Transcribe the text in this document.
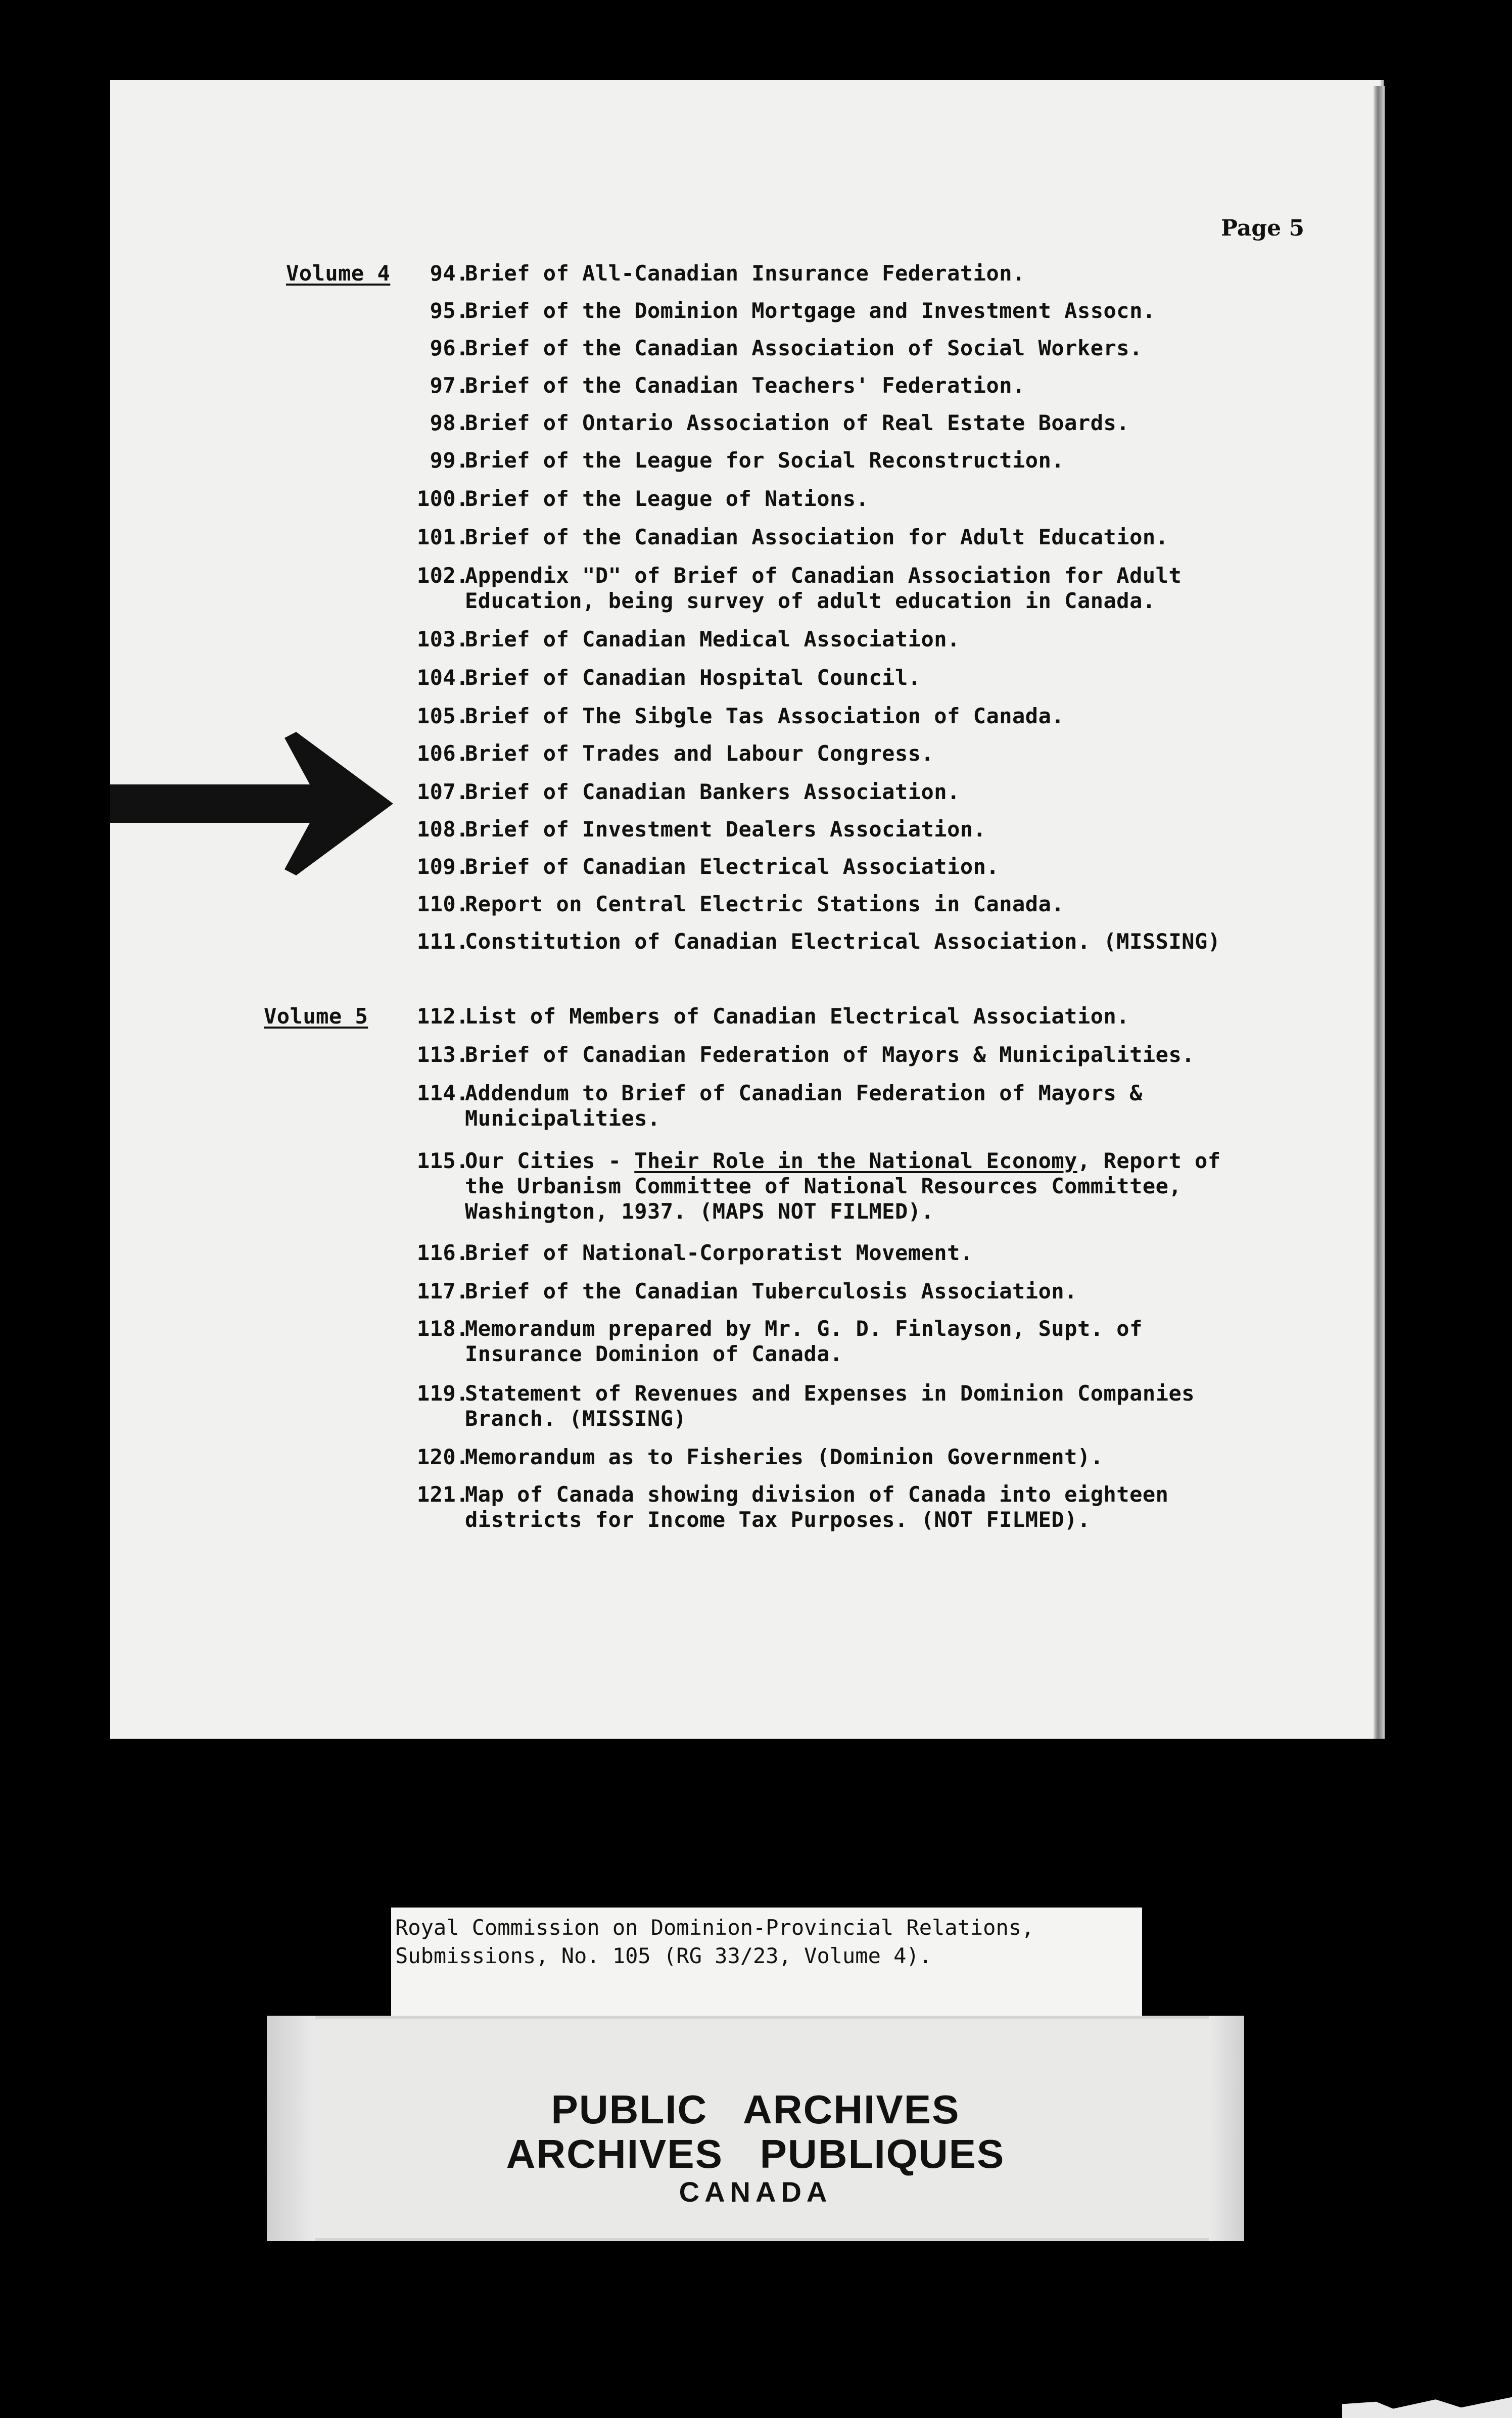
Page 5
Volume 4	94.
Brief of All-Canadian Insurance Federation.
95.
Brief of the Dominion Mortgage and Investment Assocn.
96.
Brief of the Canadian Association of Social Workers.
97.
Brief of the Canadian Teachers' Federation.
98.
Brief of Ontario Association of Real Estate Boards.
99.
Brief of the League for Social Reconstruction.
100.
Brief of the League of Nations.
101.
Brief of the Canadian Association for Adult Education.
102.
Appendix "D" of Brief of Canadian Association for Adult
Education, being survey of adult education in Canada.
103.
Brief of Canadian Medical Association.
104.
Brief of Canadian Hospital Council.
105.
Brief of The Sibgle Tas Association of Canada.
106.
Brief of Trades and Labour Congress.
107.
Brief of Canadian Bankers Association.
108.
Brief of Investment Dealers Association.
109.
Brief of Canadian Electrical Association.
110.
Report on Central Electric Stations in Canada.
111.
Constitution of Canadian Electrical Association. (MISSING)
Volume 5	112.
List of Members of Canadian Electrical Association.
113.
Brief of Canadian Federation of Mayors & Municipalities.
114.
Addendum to Brief of Canadian Federation of Mayors &
Municipalities.
115.
Our Cities - Their Role in the National Economy, Report of
the Urbanism Committee of National Resources Committee,
Washington, 1937. (MAPS NOT FILMED).
116.
Brief of National-Corporatist Movement.
117.
Brief of the Canadian Tuberculosis Association.
118.
Memorandum prepared by Mr. G. D. Finlayson, Supt. of
Insurance Dominion of Canada.
119.
Statement of Revenues and Expenses in Dominion Companies
Branch. (MISSING)
120.
Memorandum as to Fisheries (Dominion Government).
121.
Map of Canada showing division of Canada into eighteen
districts for Income Tax Purposes. (NOT FILMED).
Royal Commission on Dominion-Provincial Relations,
Submissions, No. 105 (RG 33/23, Volume 4).
PUBLIC   ARCHIVES
ARCHIVES   PUBLIQUES
CANADA
